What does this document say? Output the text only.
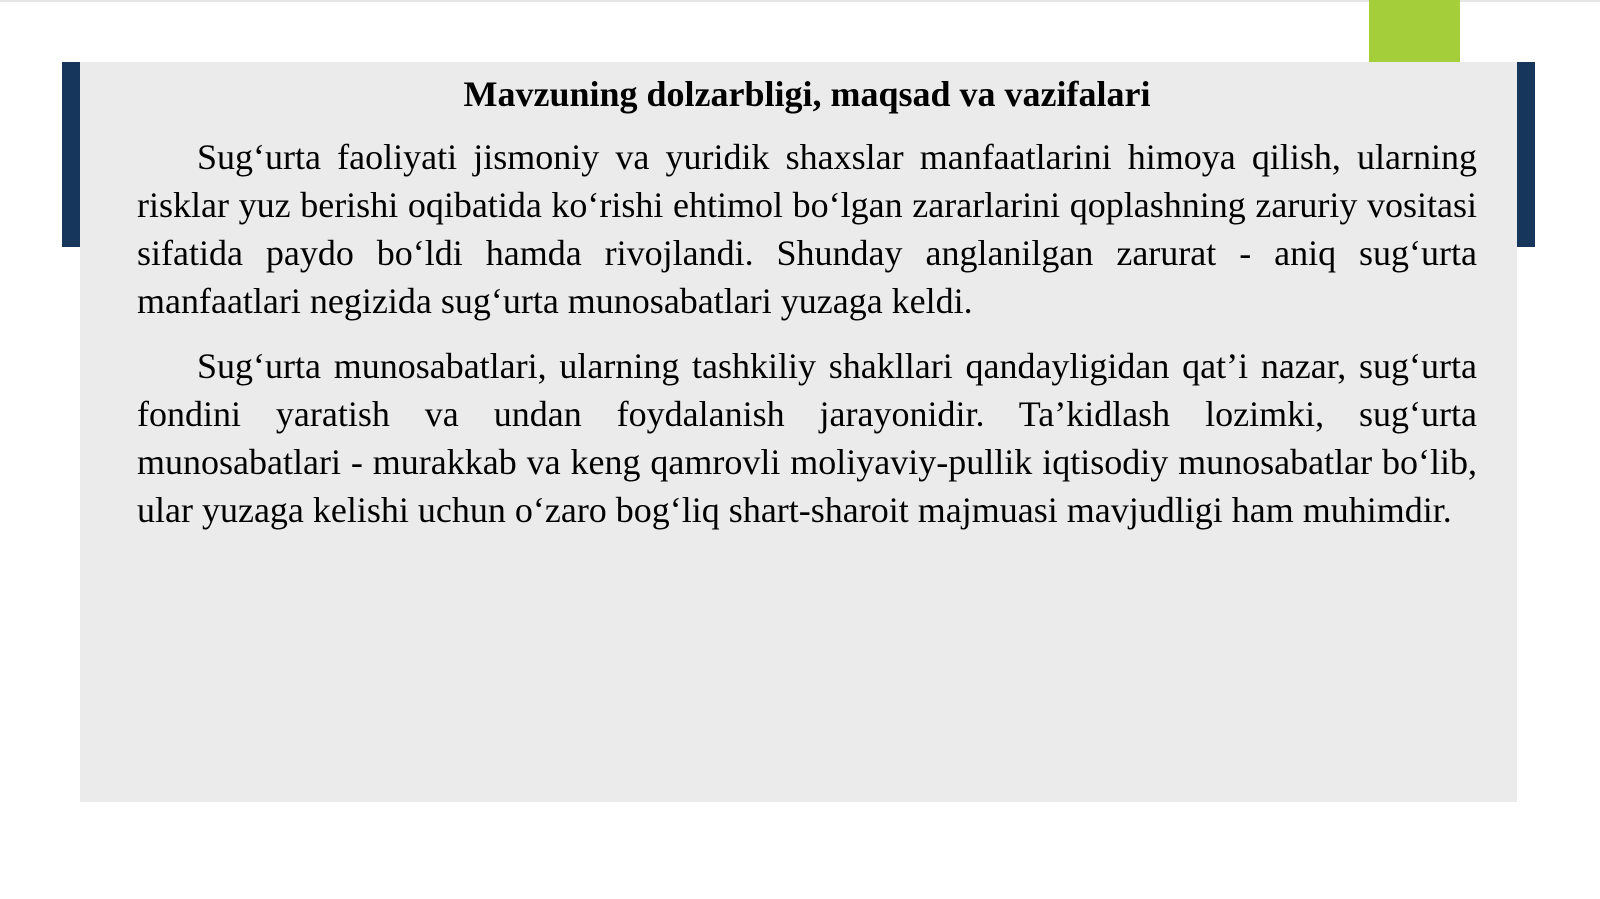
Mavzuning dolzarbligi, maqsad va vazifalari

Sug‘urta faoliyati jismoniy va yuridik shaxslar manfaatlarini himoya qilish, ularning risklar yuz berishi oqibatida ko‘rishi ehtimol bo‘lgan zararlarini qoplashning zaruriy vositasi sifatida paydo bo‘ldi hamda rivojlandi. Shunday anglanilgan zarurat - aniq sug‘urta manfaatlari negizida sug‘urta munosabatlari yuzaga keldi.

Sug‘urta munosabatlari, ularning tashkiliy shakllari qandayligidan qat’i nazar, sug‘urta fondini yaratish va undan foydalanish jarayonidir. Ta’kidlash lozimki, sug‘urta munosabatlari - murakkab va keng qamrovli moliyaviy-pullik iqtisodiy munosabatlar bo‘lib, ular yuzaga kelishi uchun o‘zaro bog‘liq shart-sharoit majmuasi mavjudligi ham muhimdir.
